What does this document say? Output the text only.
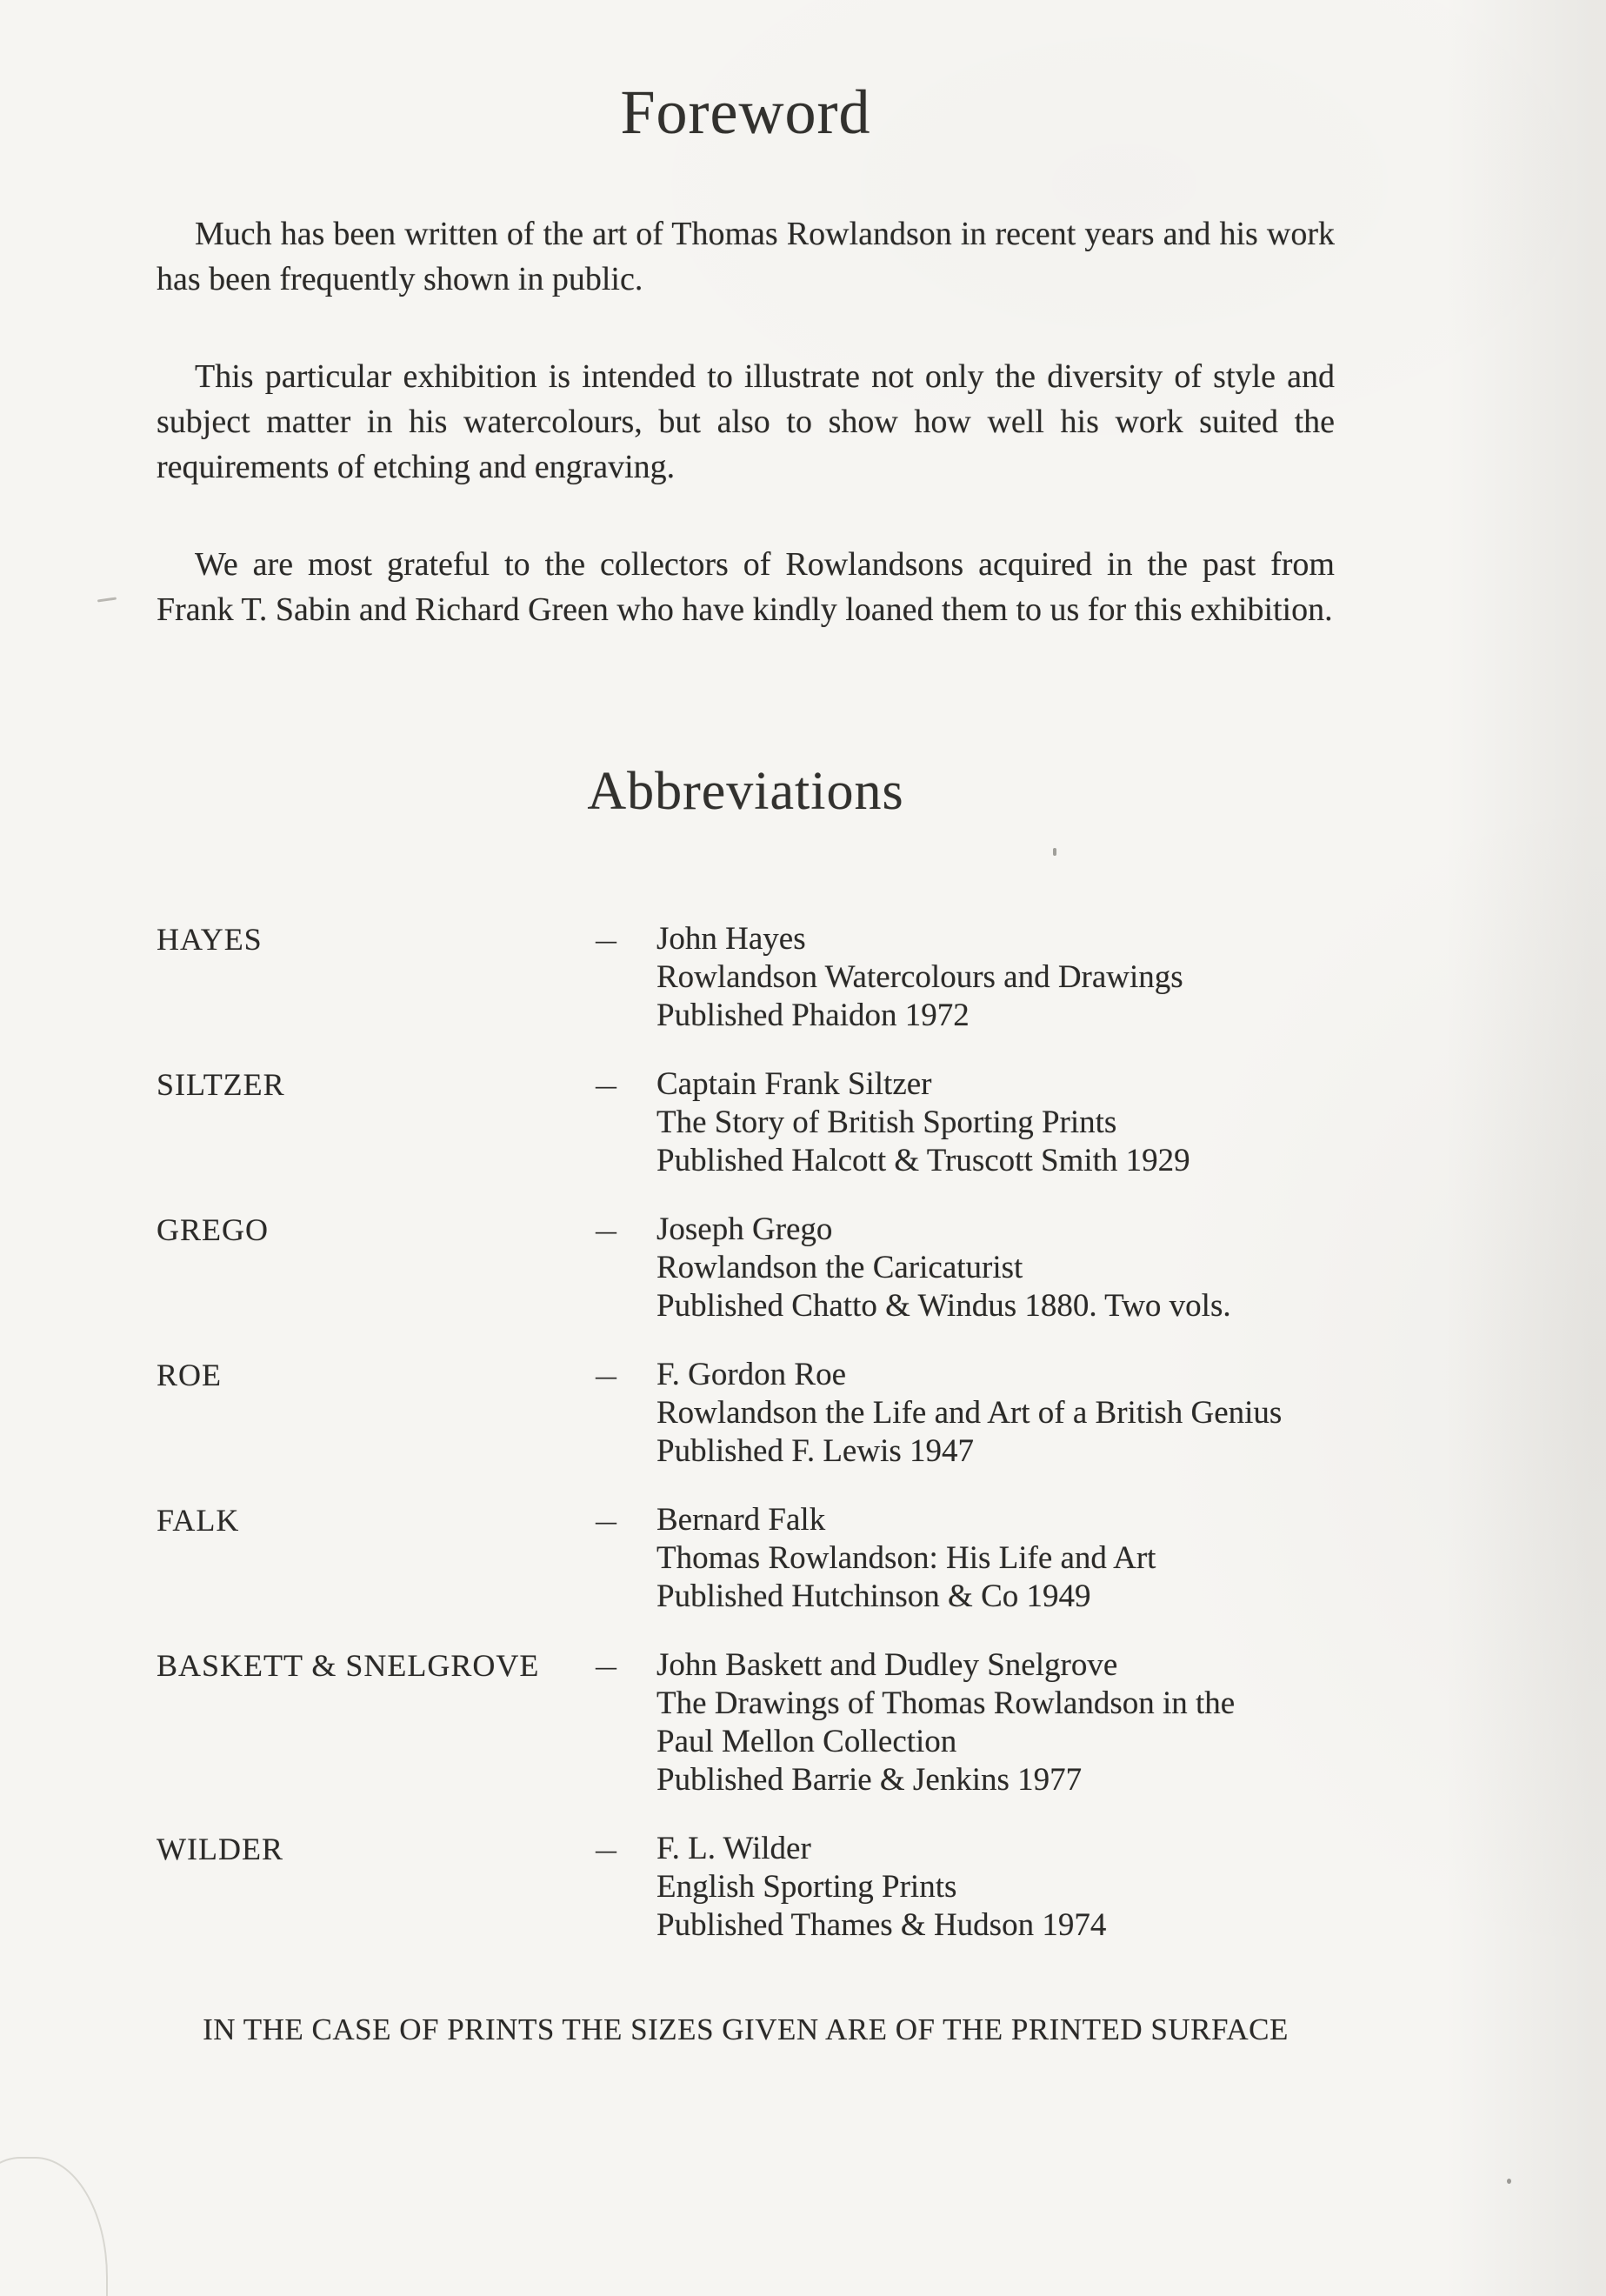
Foreword

Much has been written of the art of Thomas Rowlandson in recent years and his work has been frequently shown in public.

This particular exhibition is intended to illustrate not only the diversity of style and subject matter in his watercolours, but also to show how well his work suited the requirements of etching and engraving.

We are most grateful to the collectors of Rowlandsons acquired in the past from Frank T. Sabin and Richard Green who have kindly loaned them to us for this exhibition.

Abbreviations
HAYES	—	John Hayes
Rowlandson Watercolours and Drawings
Published Phaidon 1972
SILTZER	—	Captain Frank Siltzer
The Story of British Sporting Prints
Published Halcott & Truscott Smith 1929
GREGO	—	Joseph Grego
Rowlandson the Caricaturist
Published Chatto & Windus 1880. Two vols.
ROE	—	F. Gordon Roe
Rowlandson the Life and Art of a British Genius
Published F. Lewis 1947
FALK	—	Bernard Falk
Thomas Rowlandson: His Life and Art
Published Hutchinson & Co 1949
BASKETT & SNELGROVE	—	John Baskett and Dudley Snelgrove
The Drawings of Thomas Rowlandson in the
Paul Mellon Collection
Published Barrie & Jenkins 1977
WILDER	—	F. L. Wilder
English Sporting Prints
Published Thames & Hudson 1974
IN THE CASE OF PRINTS THE SIZES GIVEN ARE OF THE PRINTED SURFACE
